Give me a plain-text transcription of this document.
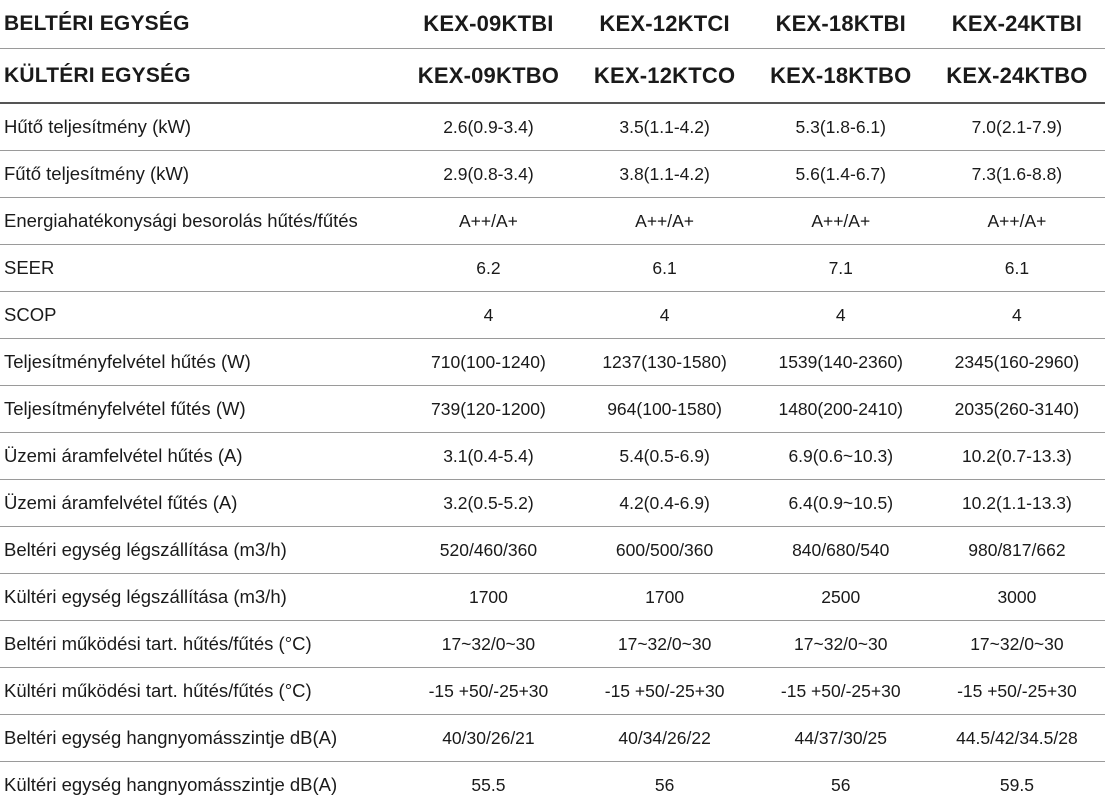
BELTÉRI EGYSÉG	KEX-09KTBI	KEX-12KTCI	KEX-18KTBI	KEX-24KTBI
KÜLTÉRI EGYSÉG	KEX-09KTBO	KEX-12KTCO	KEX-18KTBO	KEX-24KTBO
Hűtő teljesítmény (kW)	2.6(0.9-3.4)	3.5(1.1-4.2)	5.3(1.8-6.1)	7.0(2.1-7.9)
Fűtő teljesítmény (kW)	2.9(0.8-3.4)	3.8(1.1-4.2)	5.6(1.4-6.7)	7.3(1.6-8.8)
Energiahatékonysági besorolás hűtés/fűtés	A++/A+	A++/A+	A++/A+	A++/A+
SEER	6.2	6.1	7.1	6.1
SCOP	4	4	4	4
Teljesítményfelvétel hűtés (W)	710(100-1240)	1237(130-1580)	1539(140-2360)	2345(160-2960)
Teljesítményfelvétel fűtés (W)	739(120-1200)	964(100-1580)	1480(200-2410)	2035(260-3140)
Üzemi áramfelvétel hűtés (A)	3.1(0.4-5.4)	5.4(0.5-6.9)	6.9(0.6~10.3)	10.2(0.7-13.3)
Üzemi áramfelvétel fűtés (A)	3.2(0.5-5.2)	4.2(0.4-6.9)	6.4(0.9~10.5)	10.2(1.1-13.3)
Beltéri egység légszállítása (m3/h)	520/460/360	600/500/360	840/680/540	980/817/662
Kültéri egység légszállítása (m3/h)	1700	1700	2500	3000
Beltéri működési tart. hűtés/fűtés (°C)	17~32/0~30	17~32/0~30	17~32/0~30	17~32/0~30
Kültéri működési tart. hűtés/fűtés (°C)	-15 +50/-25+30	-15 +50/-25+30	-15 +50/-25+30	-15 +50/-25+30
Beltéri egység hangnyomásszintje dB(A)	40/30/26/21	40/34/26/22	44/37/30/25	44.5/42/34.5/28
Kültéri egység hangnyomásszintje dB(A)	55.5	56	56	59.5
